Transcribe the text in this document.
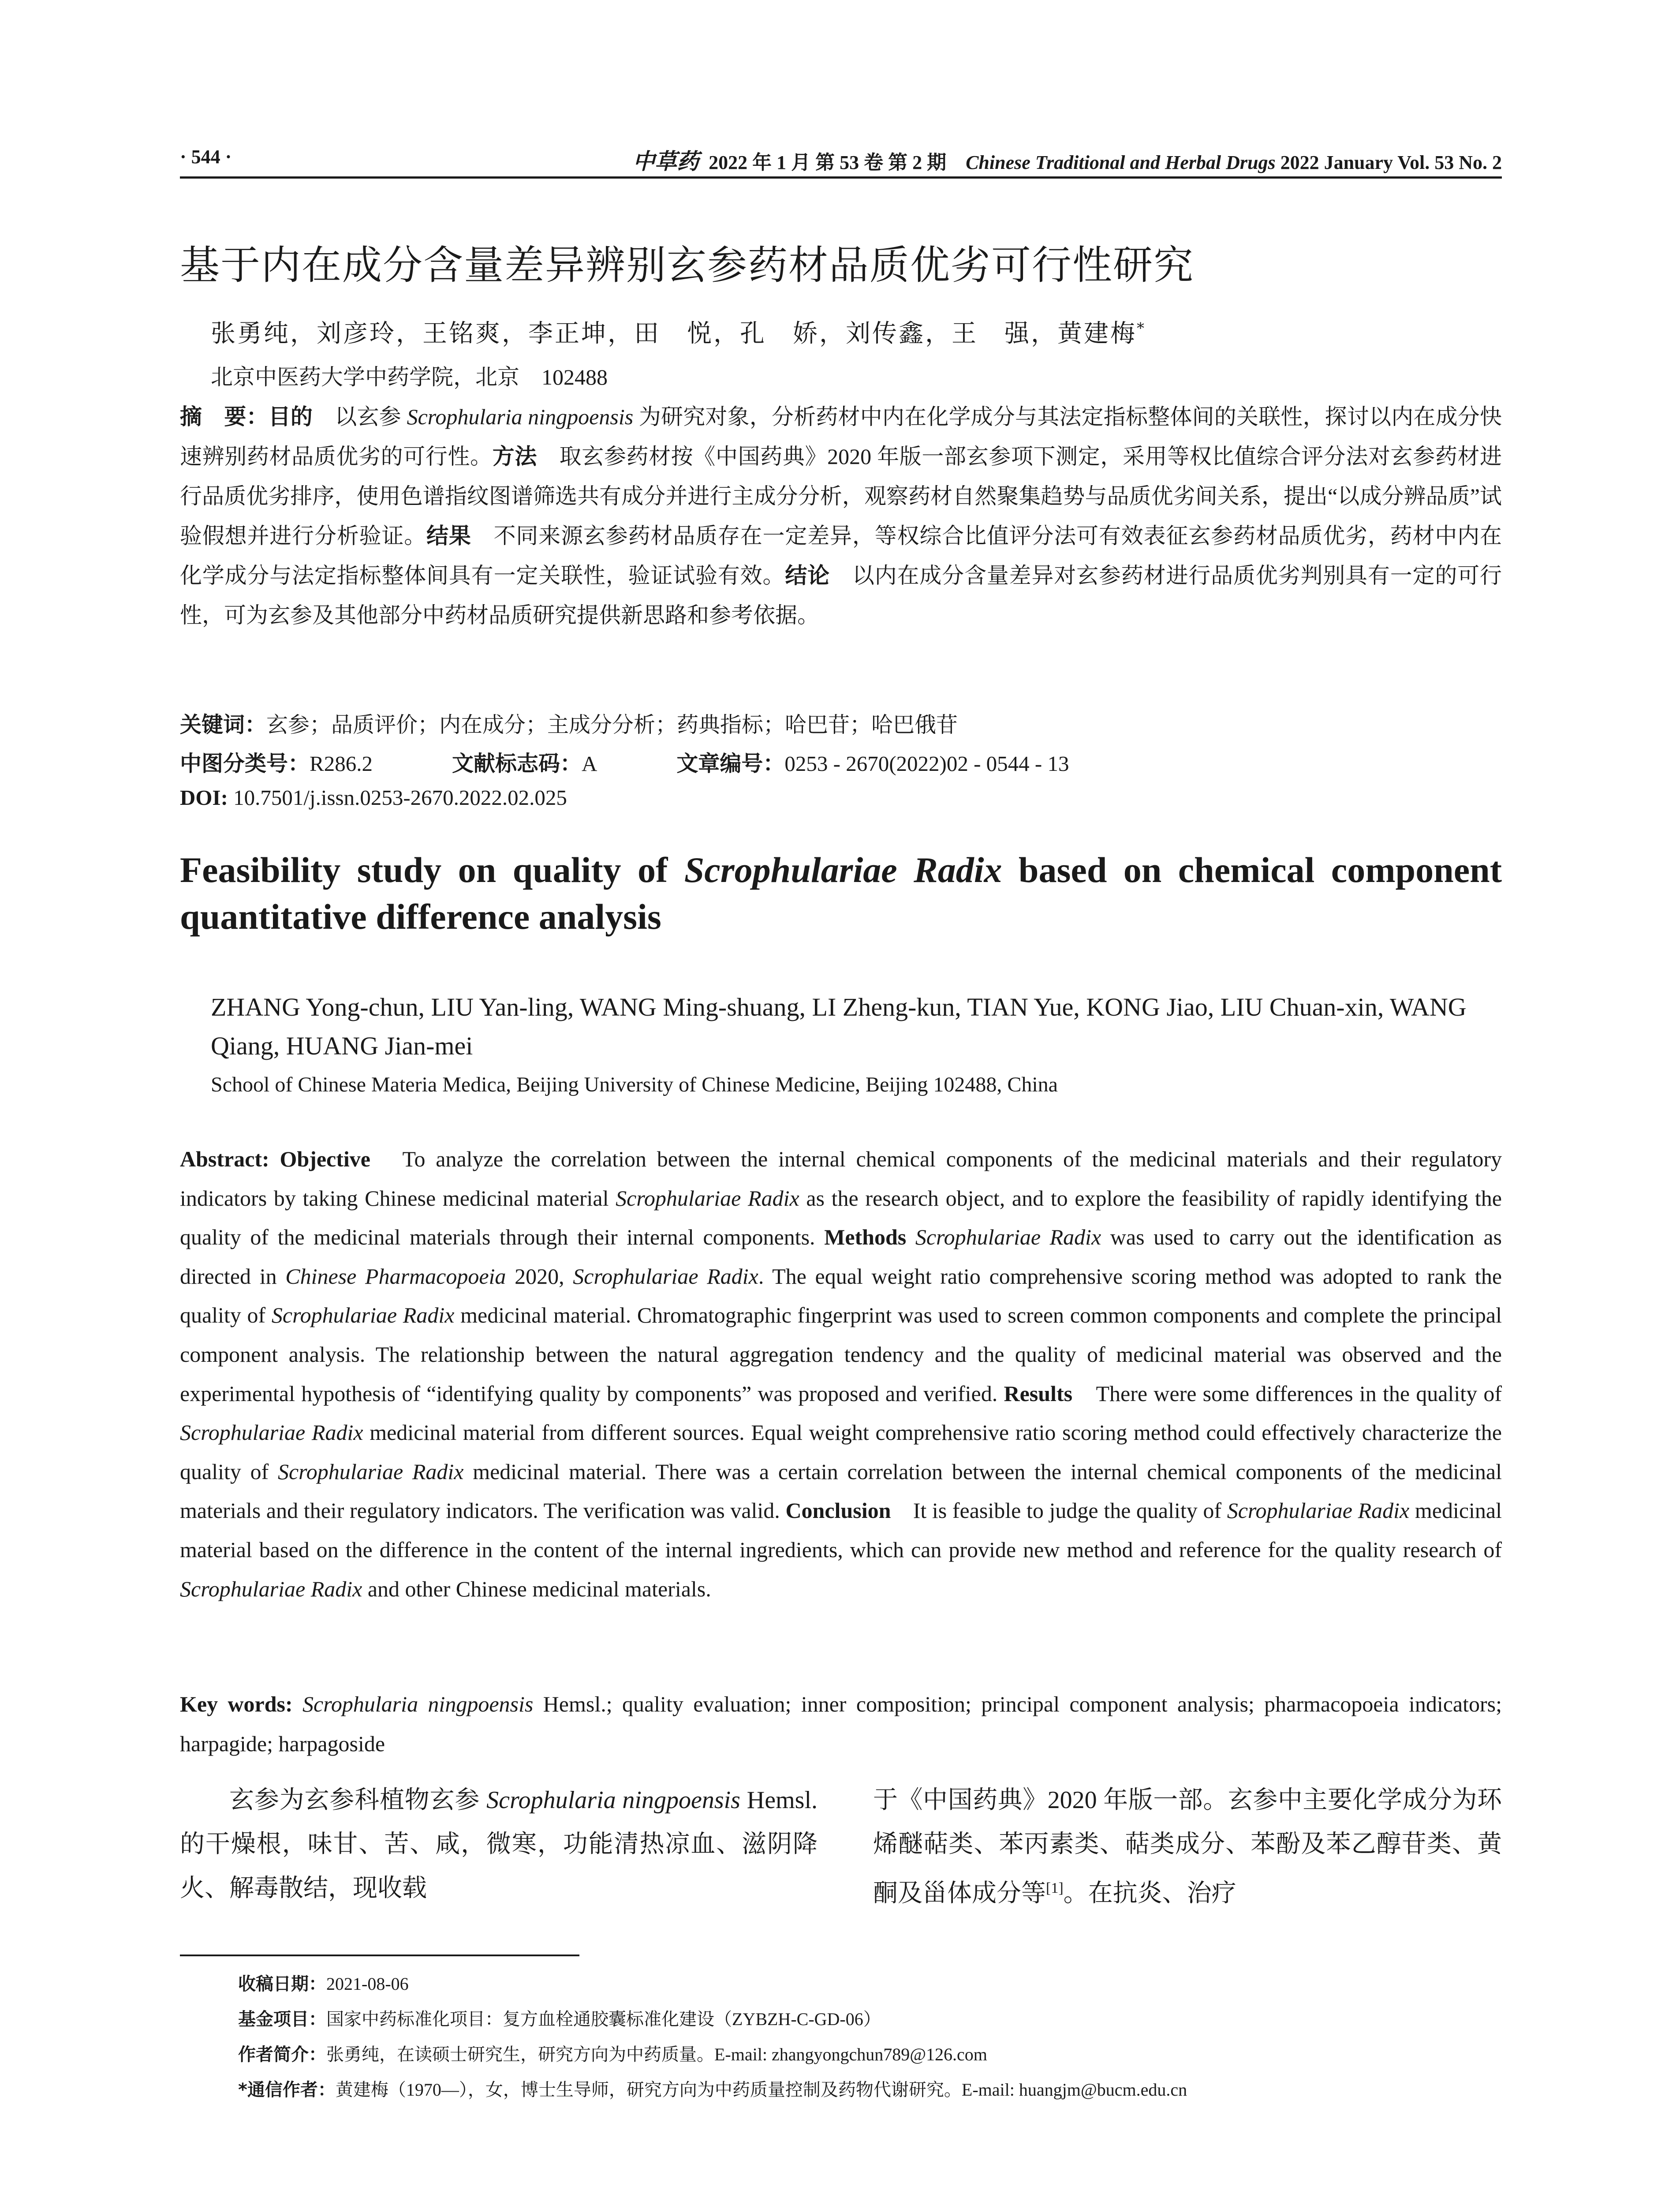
· 544 ·	中草药 2022 年 1 月 第 53 卷 第 2 期　 Chinese Traditional and Herbal Drugs 2022 January Vol. 53 No. 2
基于内在成分含量差异辨别玄参药材品质优劣可行性研究
张勇纯，刘彦玲，王铭爽，李正坤，田　悦，孔　娇，刘传鑫，王　强，黄建梅*
北京中医药大学中药学院，北京　102488
摘　要：目的　以玄参 Scrophularia ningpoensis 为研究对象，分析药材中内在化学成分与其法定指标整体间的关联性，探讨以内在成分快速辨别药材品质优劣的可行性。方法　取玄参药材按《中国药典》2020 年版一部玄参项下测定，采用等权比值综合评分法对玄参药材进行品质优劣排序，使用色谱指纹图谱筛选共有成分并进行主成分分析，观察药材自然聚集趋势与品质优劣间关系，提出“以成分辨品质”试验假想并进行分析验证。结果　不同来源玄参药材品质存在一定差异，等权综合比值评分法可有效表征玄参药材品质优劣，药材中内在化学成分与法定指标整体间具有一定关联性，验证试验有效。结论　以内在成分含量差异对玄参药材进行品质优劣判别具有一定的可行性，可为玄参及其他部分中药材品质研究提供新思路和参考依据。
关键词：玄参；品质评价；内在成分；主成分分析；药典指标；哈巴苷；哈巴俄苷
中图分类号：R286.2	文献标志码：A	文章编号：0253 - 2670(2022)02 - 0544 - 13
DOI: 10.7501/j.issn.0253-2670.2022.02.025
Feasibility study on quality of Scrophulariae Radix based on chemical component quantitative difference analysis
ZHANG Yong-chun, LIU Yan-ling, WANG Ming-shuang, LI Zheng-kun, TIAN Yue, KONG Jiao, LIU Chuan-xin, WANG Qiang, HUANG Jian-mei
School of Chinese Materia Medica, Beijing University of Chinese Medicine, Beijing 102488, China
Abstract: Objective　To analyze the correlation between the internal chemical components of the medicinal materials and their regulatory indicators by taking Chinese medicinal material Scrophulariae Radix as the research object, and to explore the feasibility of rapidly identifying the quality of the medicinal materials through their internal components. Methods Scrophulariae Radix was used to carry out the identification as directed in Chinese Pharmacopoeia 2020, Scrophulariae Radix. The equal weight ratio comprehensive scoring method was adopted to rank the quality of Scrophulariae Radix medicinal material. Chromatographic fingerprint was used to screen common components and complete the principal component analysis. The relationship between the natural aggregation tendency and the quality of medicinal material was observed and the experimental hypothesis of “identifying quality by components” was proposed and verified. Results　There were some differences in the quality of Scrophulariae Radix medicinal material from different sources. Equal weight comprehensive ratio scoring method could effectively characterize the quality of Scrophulariae Radix medicinal material. There was a certain correlation between the internal chemical components of the medicinal materials and their regulatory indicators. The verification was valid. Conclusion　It is feasible to judge the quality of Scrophulariae Radix medicinal material based on the difference in the content of the internal ingredients, which can provide new method and reference for the quality research of Scrophulariae Radix and other Chinese medicinal materials.
Key words: Scrophularia ningpoensis Hemsl.; quality evaluation; inner composition; principal component analysis; pharmacopoeia indicators; harpagide; harpagoside
玄参为玄参科植物玄参 Scrophularia ningpoensis Hemsl.的干燥根，味甘、苦、咸，微寒，功能清热凉血、滋阴降火、解毒散结，现收载
于《中国药典》2020 年版一部。玄参中主要化学成分为环烯醚萜类、苯丙素类、萜类成分、苯酚及苯乙醇苷类、黄酮及甾体成分等[1]。在抗炎、治疗
收稿日期：2021-08-06
基金项目：国家中药标准化项目：复方血栓通胶囊标准化建设（ZYBZH-C-GD-06）
作者简介：张勇纯，在读硕士研究生，研究方向为中药质量。E-mail: zhangyongchun789@126.com
*通信作者：黄建梅（1970—），女，博士生导师，研究方向为中药质量控制及药物代谢研究。E-mail: huangjm@bucm.edu.cn
